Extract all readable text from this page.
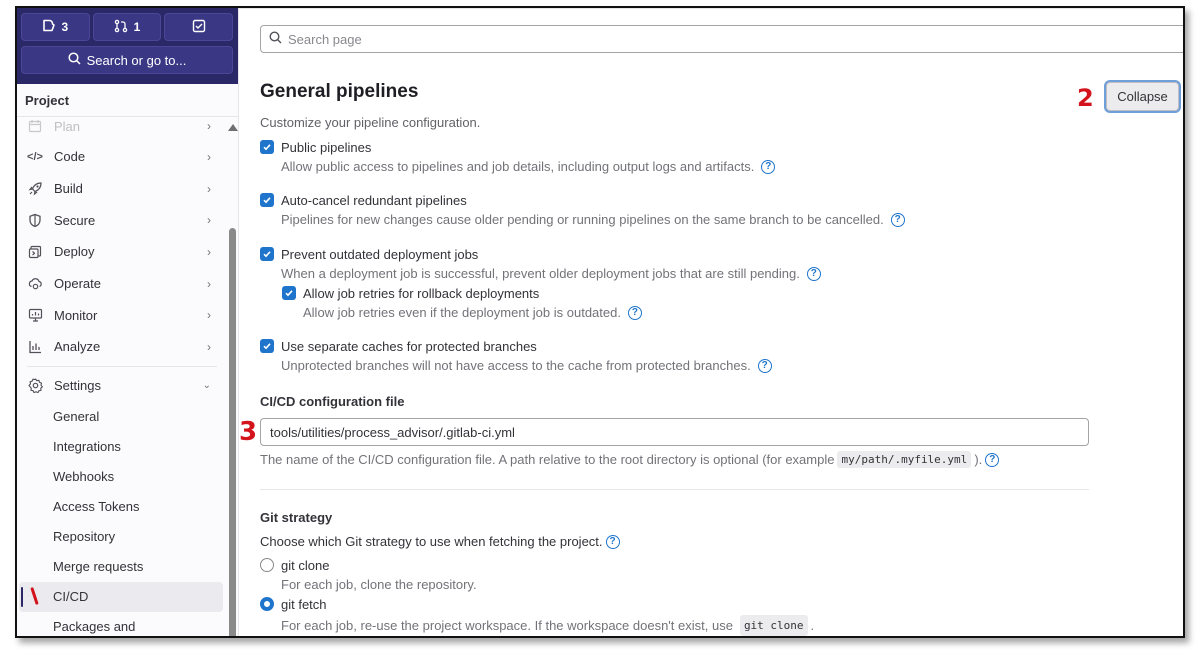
3	1
Search or go to...
Project
Plan	›
</> Code	›
Build	›
Secure	›
Deploy	›
Operate	›
Monitor	›
Analyze	›
Settings	⌄
General
Integrations
Webhooks
Access Tokens
Repository
Merge requests
CI/CD
Packages and
Search page
General pipelines
Customize your pipeline configuration.
2	Collapse
Public pipelines
Allow public access to pipelines and job details, including output logs and artifacts.	?
Auto-cancel redundant pipelines
Pipelines for new changes cause older pending or running pipelines on the same branch to be cancelled.	?
Prevent outdated deployment jobs
When a deployment job is successful, prevent older deployment jobs that are still pending.	?
Allow job retries for rollback deployments
Allow job retries even if the deployment job is outdated.	?
Use separate caches for protected branches
Unprotected branches will not have access to the cache from protected branches.	?
CI/CD configuration file
3 tools/utilities/process_advisor/.gitlab-ci.yml
The name of the CI/CD configuration file. A path relative to the root directory is optional (for example my/path/.myfile.yml ). ?
Git strategy
Choose which Git strategy to use when fetching the project. ?
git clone
For each job, clone the repository.
git fetch
For each job, re-use the project workspace. If the workspace doesn't exist, use	git clone .
